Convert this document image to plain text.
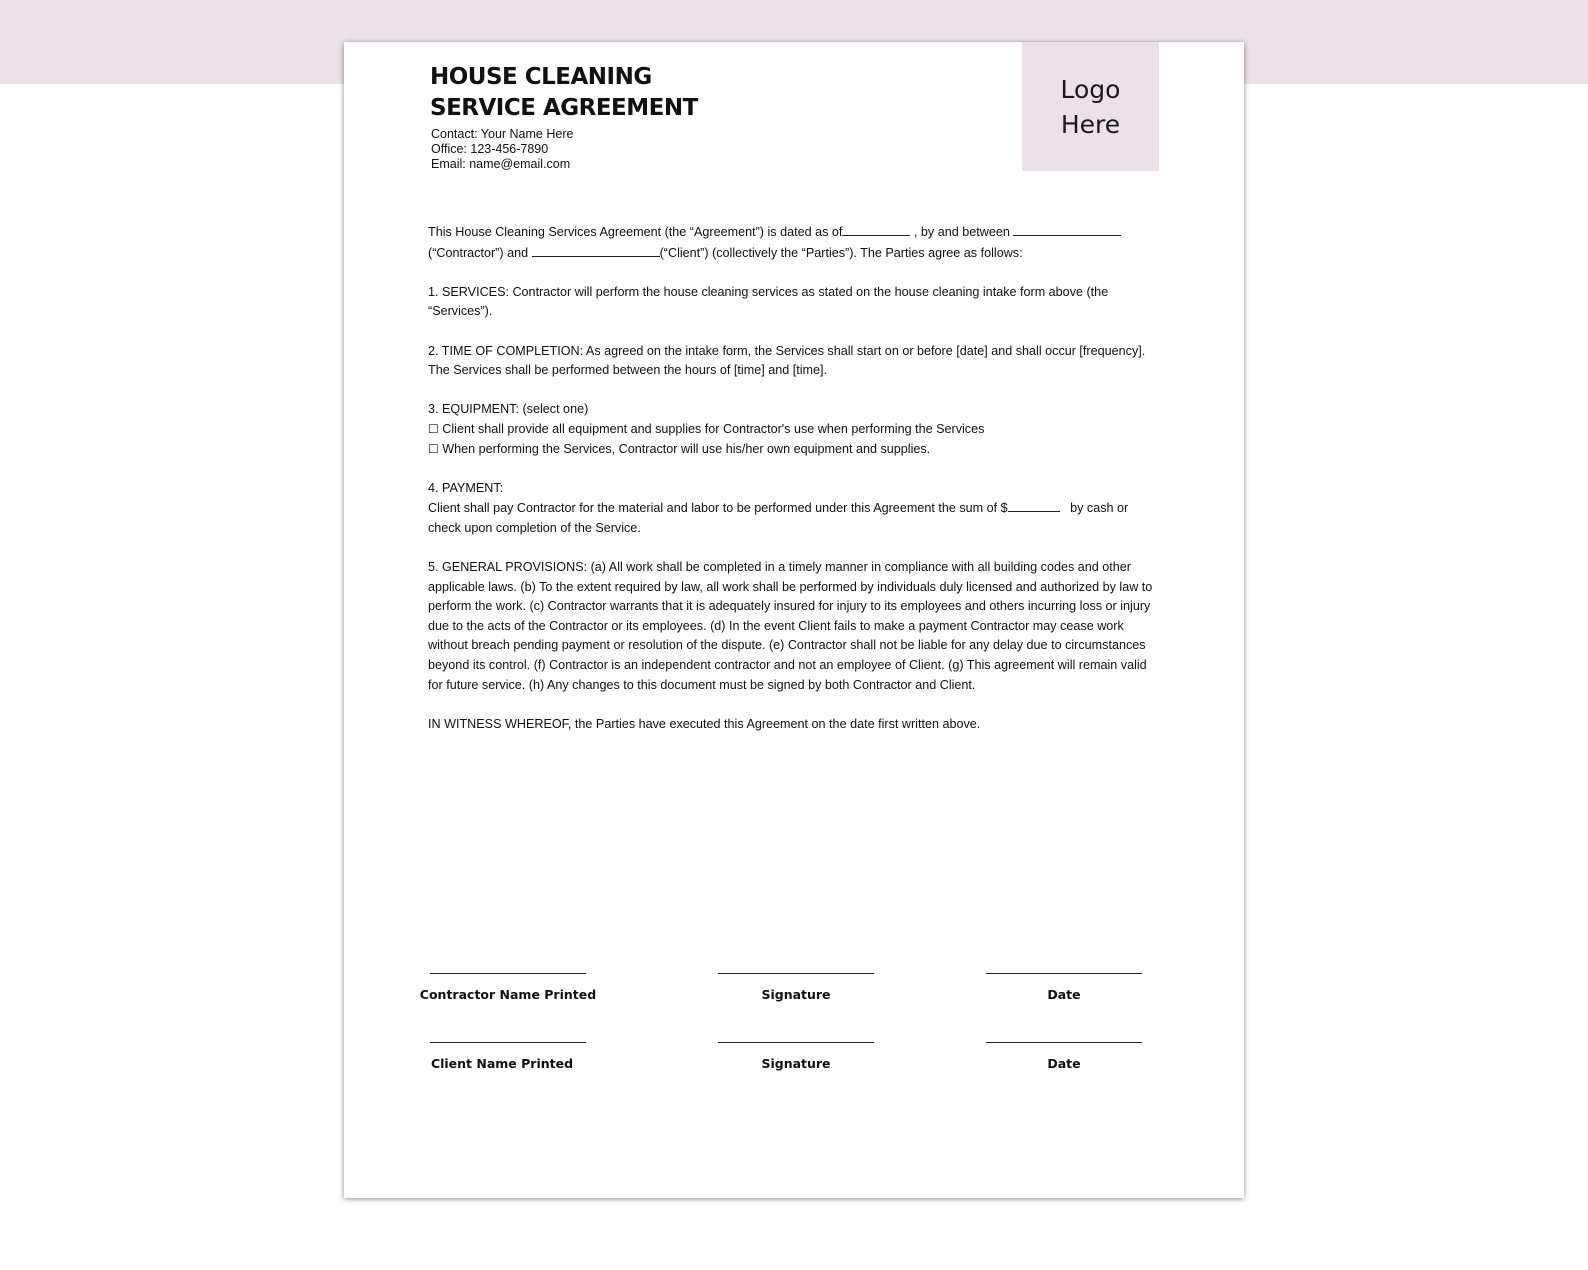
HOUSE CLEANING
SERVICE AGREEMENT
Contact: Your Name Here
Office: 123-456-7890
Email: name@email.com
Logo
Here

This House Cleaning Services Agreement (the “Agreement”) is dated as of	, by and between
(“Contractor”) and	(“Client”) (collectively the “Parties”). The Parties agree as follows:

1. SERVICES: Contractor will perform the house cleaning services as stated on the house cleaning intake form above (the “Services”).

2. TIME OF COMPLETION: As agreed on the intake form, the Services shall start on or before [date] and shall occur [frequency]. The Services shall be performed between the hours of [time] and [time].

3. EQUIPMENT: (select one)
☐ Client shall provide all equipment and supplies for Contractor's use when performing the Services
☐ When performing the Services, Contractor will use his/her own equipment and supplies.
4. PAYMENT:
Client shall pay Contractor for the material and labor to be performed under this Agreement the sum of $	by cash or check upon completion of the Service.

5. GENERAL PROVISIONS: (a) All work shall be completed in a timely manner in compliance with all building codes and other applicable laws. (b) To the extent required by law, all work shall be performed by individuals duly licensed and authorized by law to perform the work. (c) Contractor warrants that it is adequately insured for injury to its employees and others incurring loss or injury due to the acts of the Contractor or its employees. (d) In the event Client fails to make a payment Contractor may cease work without breach pending payment or resolution of the dispute. (e) Contractor shall not be liable for any delay due to circumstances beyond its control. (f) Contractor is an independent contractor and not an employee of Client. (g) This agreement will remain valid for future service. (h) Any changes to this document must be signed by both Contractor and Client.

IN WITNESS WHEREOF, the Parties have executed this Agreement on the date first written above.

Contractor Name Printed	Signature	Date
Client Name Printed	Signature	Date
